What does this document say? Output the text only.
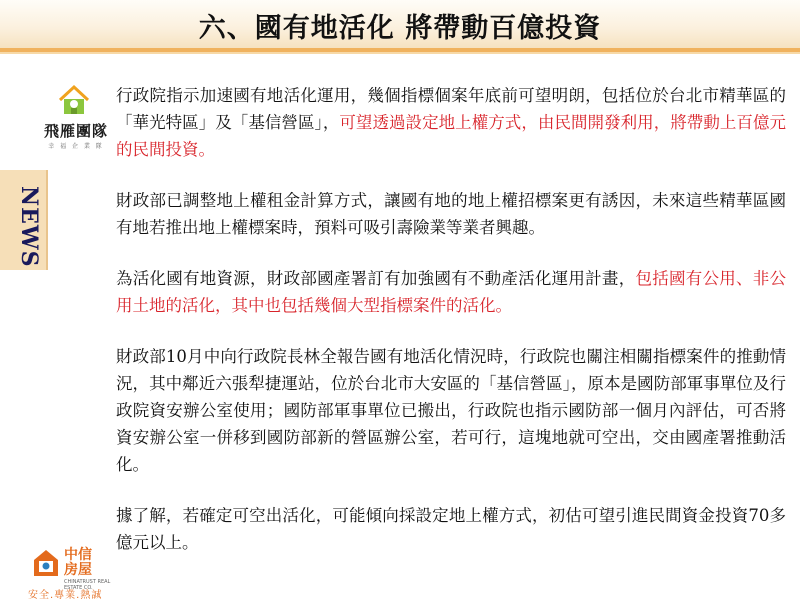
六、國有地活化 將帶動百億投資
飛雁團隊
幸 福 企 業 隊
NEWS

行政院指示加速國有地活化運用，幾個指標個案年底前可望明朗，包括位於台北市精華區的「華光特區」及「基信營區」，可望透過設定地上權方式，由民間開發利用，將帶動上百億元的民間投資。

財政部已調整地上權租金計算方式，讓國有地的地上權招標案更有誘因，未來這些精華區國有地若推出地上權標案時，預料可吸引壽險業等業者興趣。

為活化國有地資源，財政部國產署訂有加強國有不動產活化運用計畫，包括國有公用、非公用土地的活化，其中也包括幾個大型指標案件的活化。

財政部10月中向行政院長林全報告國有地活化情況時，行政院也關注相關指標案件的推動情況，其中鄰近六張犁捷運站，位於台北市大安區的「基信營區」，原本是國防部軍事單位及行政院資安辦公室使用；國防部軍事單位已搬出，行政院也指示國防部一個月內評估，可否將資安辦公室一併移到國防部新的營區辦公室，若可行，這塊地就可空出，交由國產署推動活化。

據了解，若確定可空出活化，可能傾向採設定地上權方式，初估可望引進民間資金投資70多億元以上。

中信房屋
CHINATRUST REAL ESTATE CO.
安全.專業.熱誠
